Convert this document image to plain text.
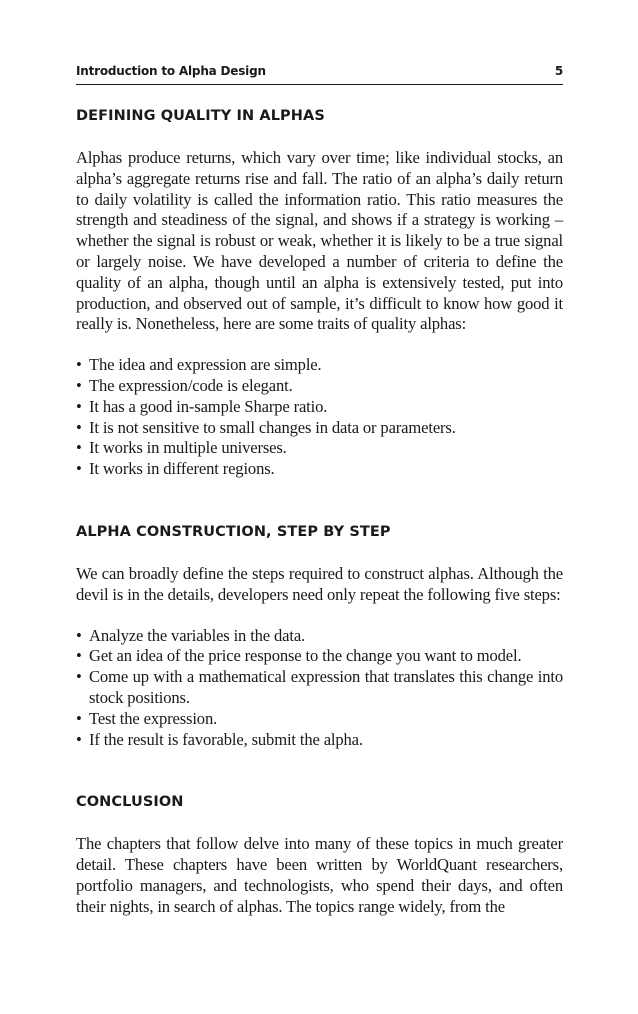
Introduction to Alpha Design	5
DEFINING QUALITY IN ALPHAS

Alphas produce returns, which vary over time; like individual stocks, an alpha’s aggregate returns rise and fall. The ratio of an alpha’s daily return to daily volatility is called the information ratio. This ratio measures the strength and steadiness of the signal, and shows if a strategy is working – whether the signal is robust or weak, whether it is likely to be a true signal or largely noise. We have developed a number of criteria to define the quality of an alpha, though until an alpha is extensively tested, put into production, and observed out of sample, it’s difficult to know how good it really is. Nonetheless, here are some traits of quality alphas:

• The idea and expression are simple.
• The expression/code is elegant.
• It has a good in-sample Sharpe ratio.
• It is not sensitive to small changes in data or parameters.
• It works in multiple universes.
• It works in different regions.
ALPHA CONSTRUCTION, STEP BY STEP

We can broadly define the steps required to construct alphas. Although the devil is in the details, developers need only repeat the following five steps:

• Analyze the variables in the data.
• Get an idea of the price response to the change you want to model.
• Come up with a mathematical expression that translates this change into stock positions.
• Test the expression.
• If the result is favorable, submit the alpha.
CONCLUSION

The chapters that follow delve into many of these topics in much greater detail. These chapters have been written by WorldQuant researchers, portfolio managers, and technologists, who spend their days, and often their nights, in search of alphas. The topics range widely, from the
